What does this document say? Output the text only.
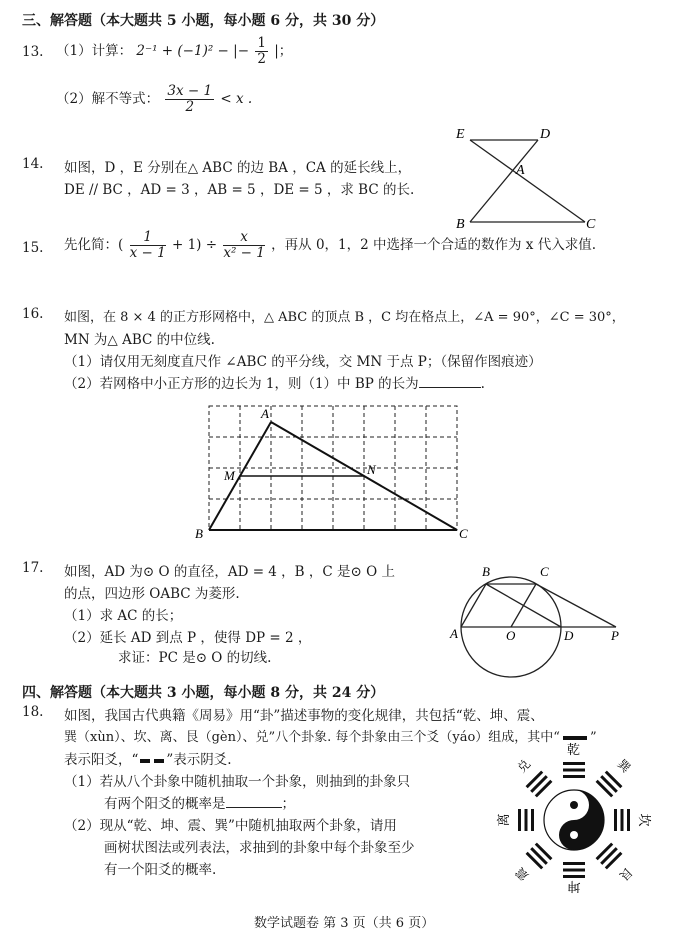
三、解答题（本大题共 5 小题，每小题 6 分，共 30 分）
13. （1）计算： 2⁻¹ + (−1)² − |− $\frac{1}{2}$ |；
（2）解不等式： $\frac{3x - 1}{2} < x$ .
14. 如图，D ，E 分别在△ ABC 的边 BA ，CA 的延长线上，
DE // BC ，AD = 3 ，AB = 5 ，DE = 5 ，求 BC 的长.
E	D
A
B	C
15. 先化简：( $\frac{1}{x - 1} + 1) \div \frac{x}{\text{x² − 1}}$ ，再从 0，1，2 中选择一个合适的数作为 x 代入求值.
16. 如图，在 8 × 4 的正方形网格中，△ ABC 的顶点 B ，C 均在格点上，∠A = 90°，∠C = 30°，
MN 为△ ABC 的中位线.
（1）请仅用无刻度直尺作 ∠ABC 的平分线，交 MN 于点 P；（保留作图痕迹）
（2）若网格中小正方形的边长为 1，则（1）中 BP 的长为	.
A
M	N
B	C
17. 如图，AD 为⊙ O 的直径，AD = 4 ，B ，C 是⊙ O 上
的点，四边形 OABC 为菱形.
（1）求 AC 的长；
（2）延长 AD 到点 P ，使得 DP = 2 ，
求证：PC 是⊙ O 的切线.
B	C
A	O	D	P
四、解答题（本大题共 3 小题，每小题 8 分，共 24 分）
18. 如图，我国古代典籍《周易》用“卦”描述事物的变化规律，共包括“乾、坤、震、
巽（xùn）、坎、离、艮（gèn）、兑”八个卦象. 每个卦象由三个爻（yáo）组成，其中“ ”
表示阳爻，“ ”表示阴爻.
（1）若从八个卦象中随机抽取一个卦象，则抽到的卦象只
有两个阳爻的概率是	；
（2）现从“乾、坤、震、巽”中随机抽取两个卦象，请用
画树状图法或列表法，求抽到的卦象中每个卦象至少
有一个阳爻的概率.
乾
坤
坎
离
兑	巽
震	艮
数学试题卷 第 3 页（共 6 页）
